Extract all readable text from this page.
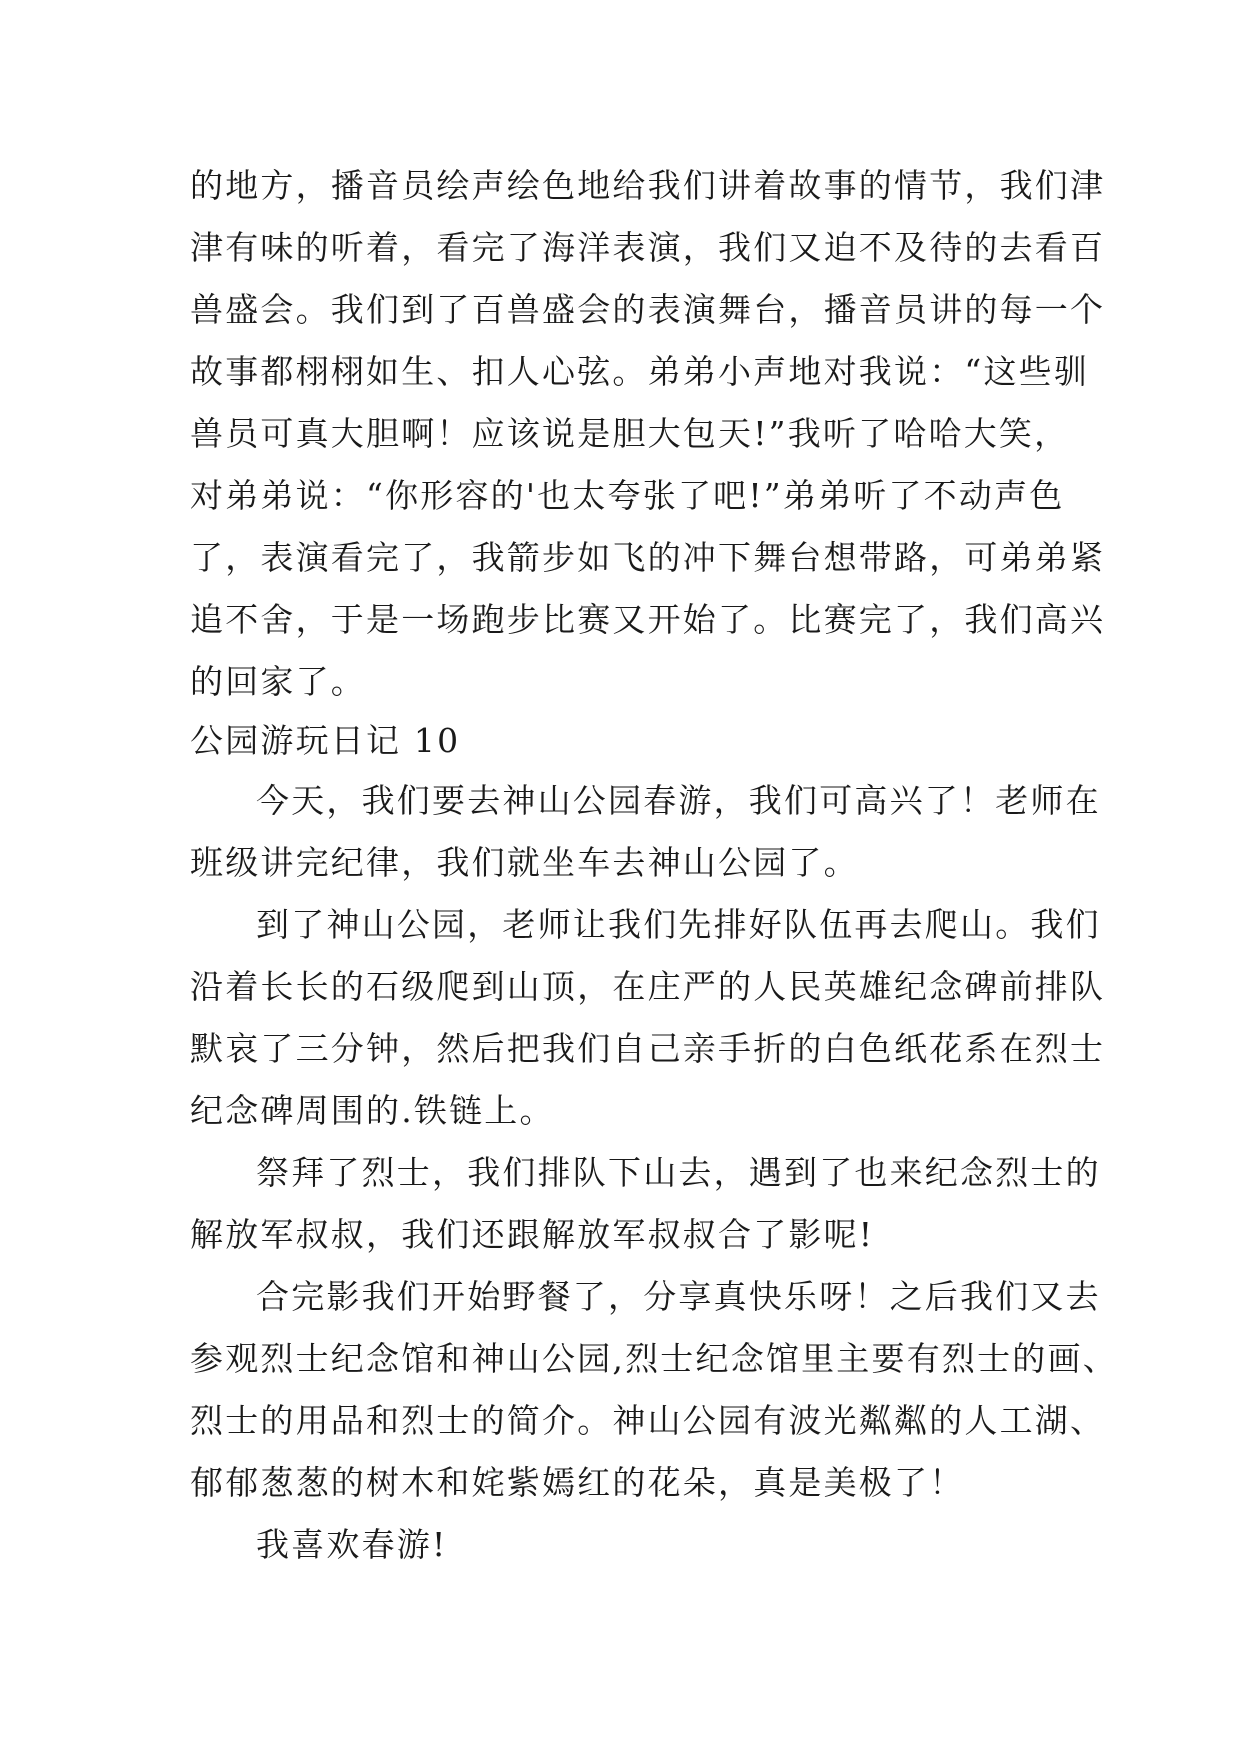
的地方，播音员绘声绘色地给我们讲着故事的情节，我们津
津有味的听着，看完了海洋表演，我们又迫不及待的去看百
兽盛会。我们到了百兽盛会的表演舞台，播音员讲的每一个
故事都栩栩如生、扣人心弦。弟弟小声地对我说：“这些驯
兽员可真大胆啊！应该说是胆大包天!”我听了哈哈大笑，
对弟弟说：“你形容的'也太夸张了吧!”弟弟听了不动声色
了，表演看完了，我箭步如飞的冲下舞台想带路，可弟弟紧
追不舍，于是一场跑步比赛又开始了。比赛完了，我们高兴
的回家了。
公园游玩日记 10
今天，我们要去神山公园春游，我们可高兴了！老师在
班级讲完纪律，我们就坐车去神山公园了。
到了神山公园，老师让我们先排好队伍再去爬山。我们
沿着长长的石级爬到山顶，在庄严的人民英雄纪念碑前排队
默哀了三分钟，然后把我们自己亲手折的白色纸花系在烈士
纪念碑周围的.铁链上。
祭拜了烈士，我们排队下山去，遇到了也来纪念烈士的
解放军叔叔，我们还跟解放军叔叔合了影呢!
合完影我们开始野餐了，分享真快乐呀！之后我们又去
参观烈士纪念馆和神山公园,烈士纪念馆里主要有烈士的画、
烈士的用品和烈士的简介。神山公园有波光粼粼的人工湖、
郁郁葱葱的树木和姹紫嫣红的花朵，真是美极了！
我喜欢春游!
